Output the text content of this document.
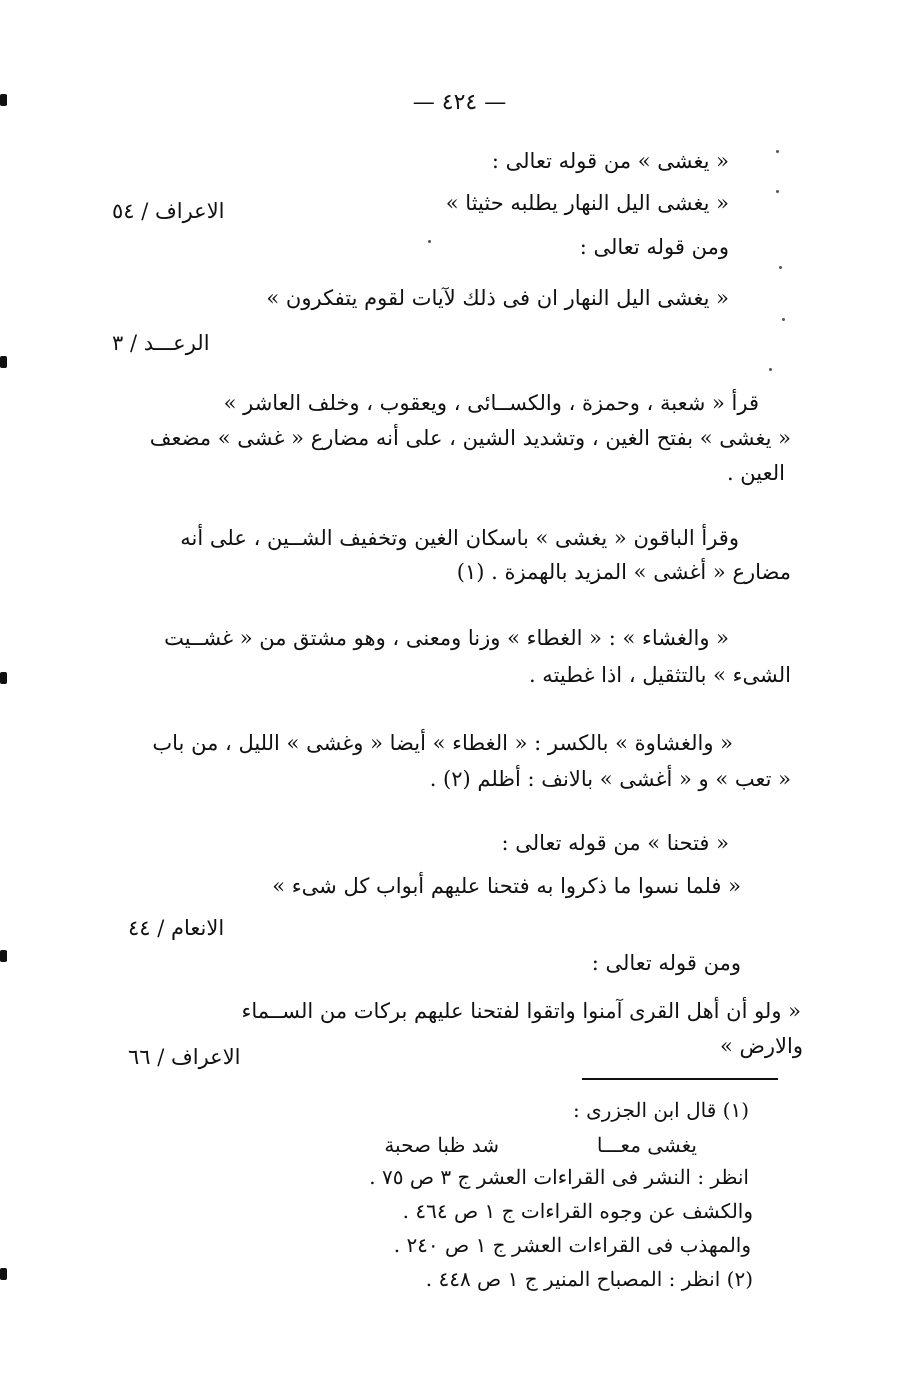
— ٤٢٤ —

« يغشى » من قوله تعالى :

« يغشى اليل النهار يطلبه حثيثا »

الاعراف / ٥٤

ومن قوله تعالى :

« يغشى اليل النهار ان فى ذلك لآيات لقوم يتفكرون »

الرعـــد / ٣

قرأ « شعبة ، وحمزة ، والكســائى ، ويعقوب ، وخلف العاشر »

« يغشى » بفتح الغين ، وتشديد الشين ، على أنه مضارع « غشى » مضعف

العين .

وقرأ الباقون « يغشى » باسكان الغين وتخفيف الشــين ، على أنه

مضارع « أغشى » المزيد بالهمزة . (١)

« والغشاء » : « الغطاء » وزنا ومعنى ، وهو مشتق من « غشــيت

الشىء » بالتثقيل ، اذا غطيته .

« والغشاوة » بالكسر : « الغطاء » أيضا « وغشى » الليل ، من باب

« تعب » و « أغشى » بالانف : أظلم (٢) .

« فتحنا » من قوله تعالى :

« فلما نسوا ما ذكروا به فتحنا عليهم أبواب كل شىء »

الانعام / ٤٤

ومن قوله تعالى :

« ولو أن أهل القرى آمنوا واتقوا لفتحنا عليهم بركات من الســماء

والارض »

الاعراف / ٦٦

(١) قال ابن الجزرى :

يغشى معـــا

شد ظبا صحبة

انظر : النشر فى القراءات العشر ج ٣ ص ٧٥ .

والكشف عن وجوه القراءات ج ١ ص ٤٦٤ .

والمهذب فى القراءات العشر ج ١ ص ٢٤٠ .

(٢) انظر : المصباح المنير ج ١ ص ٤٤٨ .
